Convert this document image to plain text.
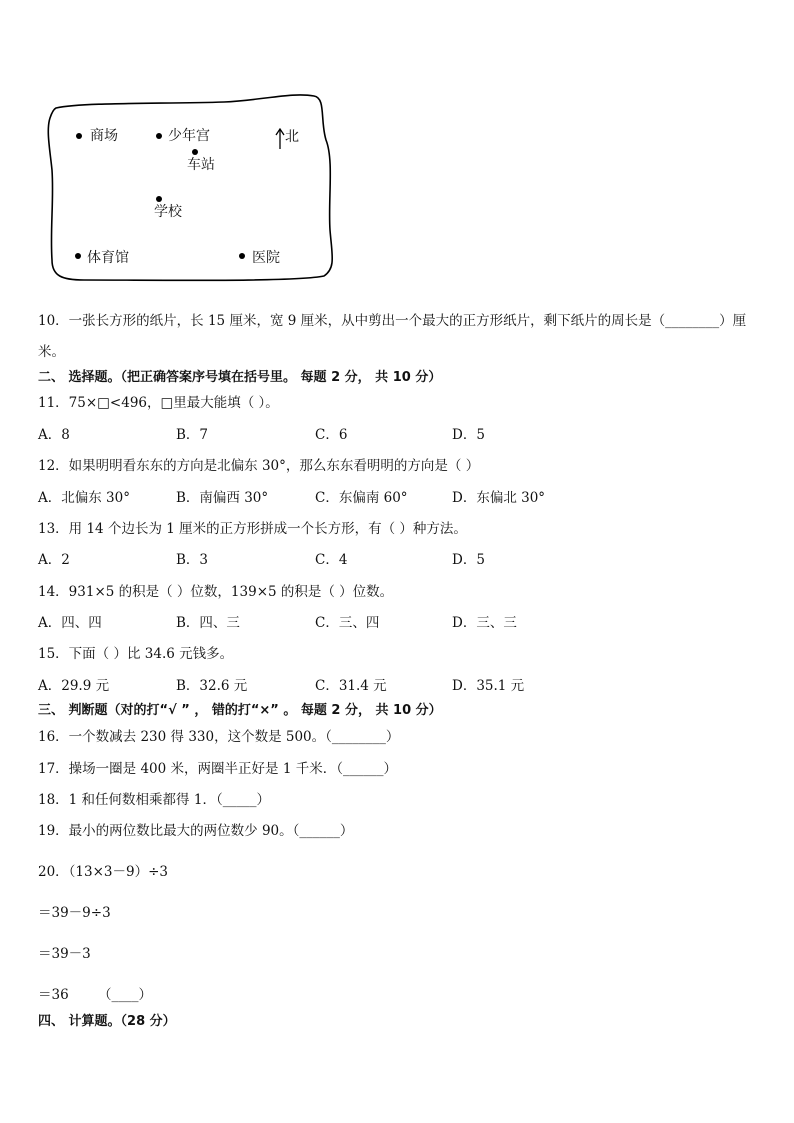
商场	少年宫
车站
学校
体育馆	医院
北
10．一张长方形的纸片，长 15 厘米，宽 9 厘米，从中剪出一个最大的正方形纸片，剩下纸片的周长是（________）厘
米。
二、 选择题。（把正确答案序号填在括号里。 每题 2 分， 共 10 分）
11．75×□<496，□里最大能填（ ）。
A．8	B．7	C．6	D．5
12．如果明明看东东的方向是北偏东 30°，那么东东看明明的方向是（ ）
A．北偏东 30°	B．南偏西 30°	C．东偏南 60°	D．东偏北 30°
13．用 14 个边长为 1 厘米的正方形拼成一个长方形，有（ ）种方法。
A．2	B．3	C．4	D．5
14．931×5 的积是（ ）位数，139×5 的积是（ ）位数。
A．四、四	B．四、三	C．三、四	D．三、三
15．下面（ ）比 34.6 元钱多。
A．29.9 元	B．32.6 元	C．31.4 元	D．35.1 元
三、 判断题（对的打“√ ” ， 错的打“×” 。 每题 2 分， 共 10 分）
16．一个数减去 230 得 330，这个数是 500。（________）
17．操场一圈是 400 米，两圈半正好是 1 千米．（______）
18．1 和任何数相乘都得 1．（_____）
19．最小的两位数比最大的两位数少 90。（______）
20．（13×3－9）÷3
＝39－9÷3
＝39－3
＝36 （____）
四、 计算题。（28 分）
